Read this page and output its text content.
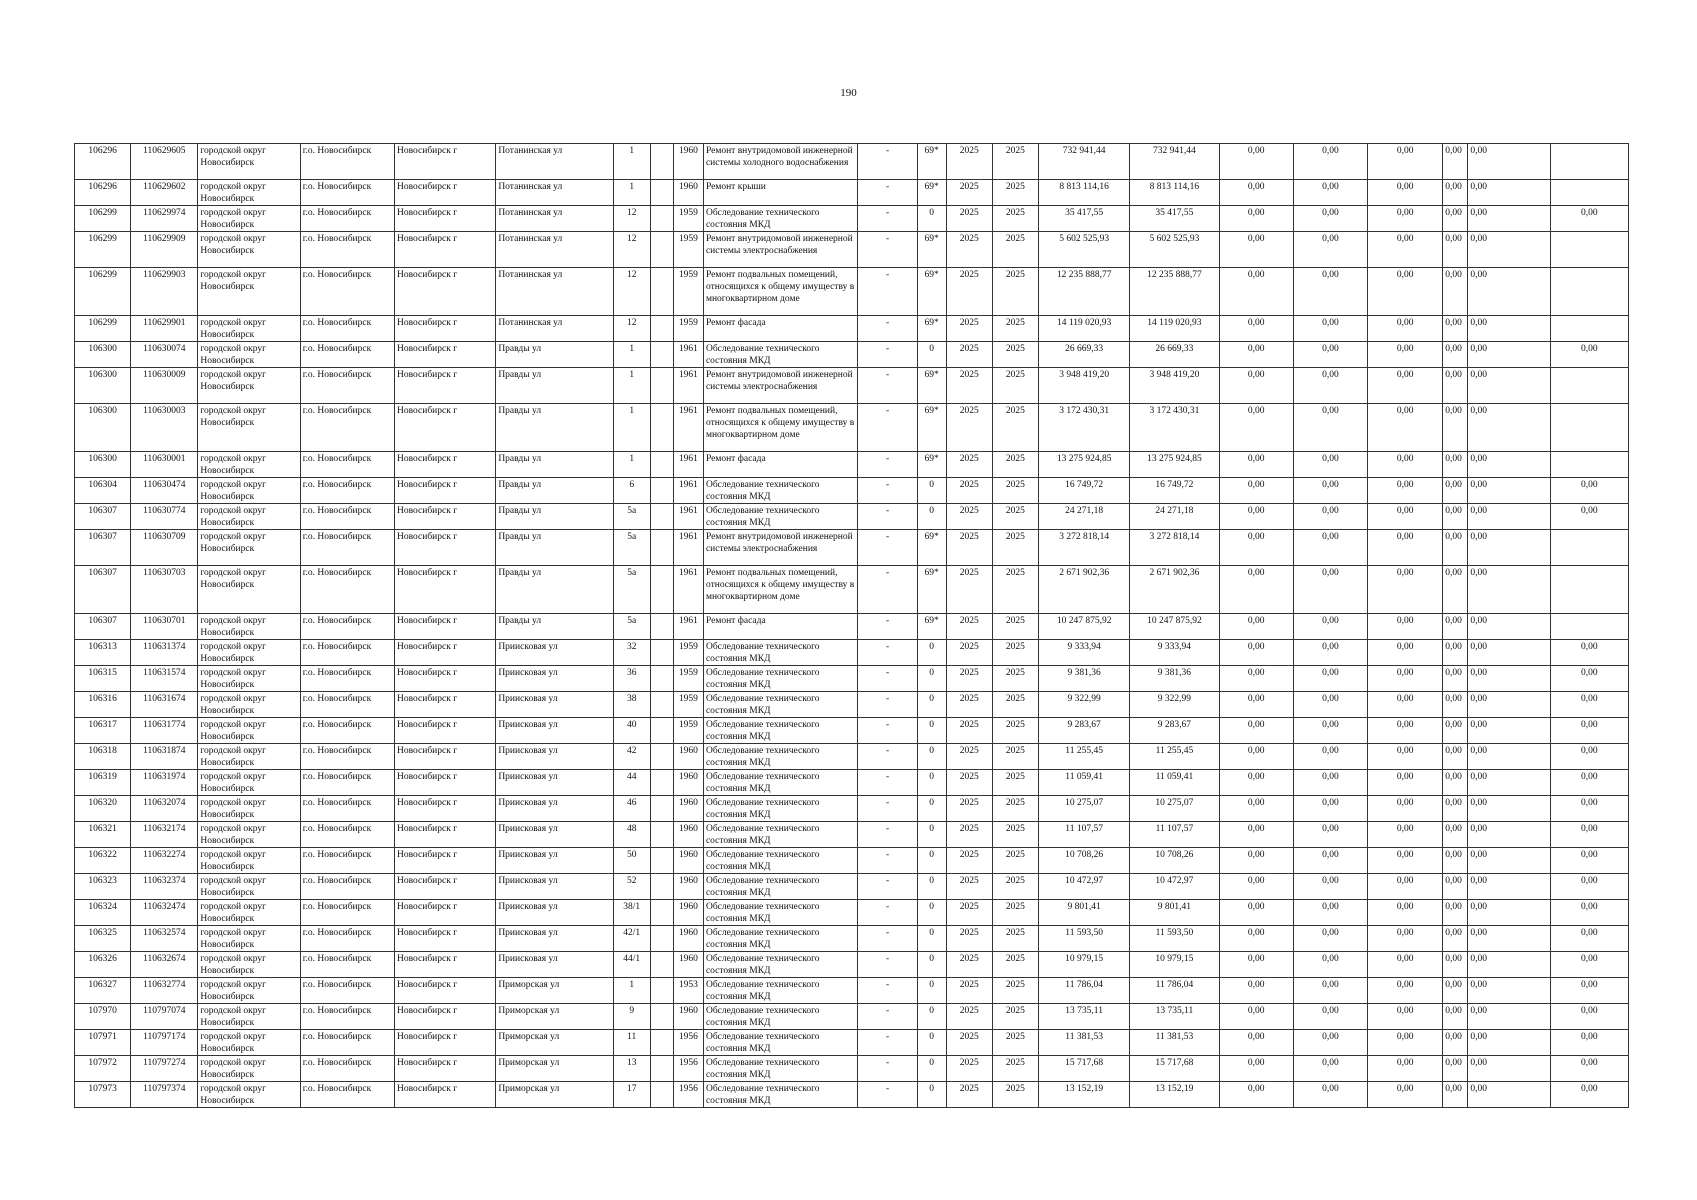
190
106296	110629605	городской округ Новосибирск	г.о. Новосибирск	Новосибирск г	Потанинская ул	1		1960	Ремонт внутридомовой инженерной системы холодного водоснабжения	-	69*	2025	2025	732 941,44	732 941,44	0,00	0,00	0,00	0,00	0,00	
106296	110629602	городской округ Новосибирск	г.о. Новосибирск	Новосибирск г	Потанинская ул	1		1960	Ремонт крыши	-	69*	2025	2025	8 813 114,16	8 813 114,16	0,00	0,00	0,00	0,00	0,00	
106299	110629974	городской округ Новосибирск	г.о. Новосибирск	Новосибирск г	Потанинская ул	12		1959	Обследование технического состояния МКД	-	0	2025	2025	35 417,55	35 417,55	0,00	0,00	0,00	0,00	0,00	0,00
106299	110629909	городской округ Новосибирск	г.о. Новосибирск	Новосибирск г	Потанинская ул	12		1959	Ремонт внутридомовой инженерной системы электроснабжения	-	69*	2025	2025	5 602 525,93	5 602 525,93	0,00	0,00	0,00	0,00	0,00	
106299	110629903	городской округ Новосибирск	г.о. Новосибирск	Новосибирск г	Потанинская ул	12		1959	Ремонт подвальных помещений, относящихся к общему имуществу в многоквартирном доме	-	69*	2025	2025	12 235 888,77	12 235 888,77	0,00	0,00	0,00	0,00	0,00	
106299	110629901	городской округ Новосибирск	г.о. Новосибирск	Новосибирск г	Потанинская ул	12		1959	Ремонт фасада	-	69*	2025	2025	14 119 020,93	14 119 020,93	0,00	0,00	0,00	0,00	0,00	
106300	110630074	городской округ Новосибирск	г.о. Новосибирск	Новосибирск г	Правды ул	1		1961	Обследование технического состояния МКД	-	0	2025	2025	26 669,33	26 669,33	0,00	0,00	0,00	0,00	0,00	0,00
106300	110630009	городской округ Новосибирск	г.о. Новосибирск	Новосибирск г	Правды ул	1		1961	Ремонт внутридомовой инженерной системы электроснабжения	-	69*	2025	2025	3 948 419,20	3 948 419,20	0,00	0,00	0,00	0,00	0,00	
106300	110630003	городской округ Новосибирск	г.о. Новосибирск	Новосибирск г	Правды ул	1		1961	Ремонт подвальных помещений, относящихся к общему имуществу в многоквартирном доме	-	69*	2025	2025	3 172 430,31	3 172 430,31	0,00	0,00	0,00	0,00	0,00	
106300	110630001	городской округ Новосибирск	г.о. Новосибирск	Новосибирск г	Правды ул	1		1961	Ремонт фасада	-	69*	2025	2025	13 275 924,85	13 275 924,85	0,00	0,00	0,00	0,00	0,00	
106304	110630474	городской округ Новосибирск	г.о. Новосибирск	Новосибирск г	Правды ул	6		1961	Обследование технического состояния МКД	-	0	2025	2025	16 749,72	16 749,72	0,00	0,00	0,00	0,00	0,00	0,00
106307	110630774	городской округ Новосибирск	г.о. Новосибирск	Новосибирск г	Правды ул	5а		1961	Обследование технического состояния МКД	-	0	2025	2025	24 271,18	24 271,18	0,00	0,00	0,00	0,00	0,00	0,00
106307	110630709	городской округ Новосибирск	г.о. Новосибирск	Новосибирск г	Правды ул	5а		1961	Ремонт внутридомовой инженерной системы электроснабжения	-	69*	2025	2025	3 272 818,14	3 272 818,14	0,00	0,00	0,00	0,00	0,00	
106307	110630703	городской округ Новосибирск	г.о. Новосибирск	Новосибирск г	Правды ул	5а		1961	Ремонт подвальных помещений, относящихся к общему имуществу в многоквартирном доме	-	69*	2025	2025	2 671 902,36	2 671 902,36	0,00	0,00	0,00	0,00	0,00	
106307	110630701	городской округ Новосибирск	г.о. Новосибирск	Новосибирск г	Правды ул	5а		1961	Ремонт фасада	-	69*	2025	2025	10 247 875,92	10 247 875,92	0,00	0,00	0,00	0,00	0,00	
106313	110631374	городской округ Новосибирск	г.о. Новосибирск	Новосибирск г	Приисковая ул	32		1959	Обследование технического состояния МКД	-	0	2025	2025	9 333,94	9 333,94	0,00	0,00	0,00	0,00	0,00	0,00
106315	110631574	городской округ Новосибирск	г.о. Новосибирск	Новосибирск г	Приисковая ул	36		1959	Обследование технического состояния МКД	-	0	2025	2025	9 381,36	9 381,36	0,00	0,00	0,00	0,00	0,00	0,00
106316	110631674	городской округ Новосибирск	г.о. Новосибирск	Новосибирск г	Приисковая ул	38		1959	Обследование технического состояния МКД	-	0	2025	2025	9 322,99	9 322,99	0,00	0,00	0,00	0,00	0,00	0,00
106317	110631774	городской округ Новосибирск	г.о. Новосибирск	Новосибирск г	Приисковая ул	40		1959	Обследование технического состояния МКД	-	0	2025	2025	9 283,67	9 283,67	0,00	0,00	0,00	0,00	0,00	0,00
106318	110631874	городской округ Новосибирск	г.о. Новосибирск	Новосибирск г	Приисковая ул	42		1960	Обследование технического состояния МКД	-	0	2025	2025	11 255,45	11 255,45	0,00	0,00	0,00	0,00	0,00	0,00
106319	110631974	городской округ Новосибирск	г.о. Новосибирск	Новосибирск г	Приисковая ул	44		1960	Обследование технического состояния МКД	-	0	2025	2025	11 059,41	11 059,41	0,00	0,00	0,00	0,00	0,00	0,00
106320	110632074	городской округ Новосибирск	г.о. Новосибирск	Новосибирск г	Приисковая ул	46		1960	Обследование технического состояния МКД	-	0	2025	2025	10 275,07	10 275,07	0,00	0,00	0,00	0,00	0,00	0,00
106321	110632174	городской округ Новосибирск	г.о. Новосибирск	Новосибирск г	Приисковая ул	48		1960	Обследование технического состояния МКД	-	0	2025	2025	11 107,57	11 107,57	0,00	0,00	0,00	0,00	0,00	0,00
106322	110632274	городской округ Новосибирск	г.о. Новосибирск	Новосибирск г	Приисковая ул	50		1960	Обследование технического состояния МКД	-	0	2025	2025	10 708,26	10 708,26	0,00	0,00	0,00	0,00	0,00	0,00
106323	110632374	городской округ Новосибирск	г.о. Новосибирск	Новосибирск г	Приисковая ул	52		1960	Обследование технического состояния МКД	-	0	2025	2025	10 472,97	10 472,97	0,00	0,00	0,00	0,00	0,00	0,00
106324	110632474	городской округ Новосибирск	г.о. Новосибирск	Новосибирск г	Приисковая ул	38/1		1960	Обследование технического состояния МКД	-	0	2025	2025	9 801,41	9 801,41	0,00	0,00	0,00	0,00	0,00	0,00
106325	110632574	городской округ Новосибирск	г.о. Новосибирск	Новосибирск г	Приисковая ул	42/1		1960	Обследование технического состояния МКД	-	0	2025	2025	11 593,50	11 593,50	0,00	0,00	0,00	0,00	0,00	0,00
106326	110632674	городской округ Новосибирск	г.о. Новосибирск	Новосибирск г	Приисковая ул	44/1		1960	Обследование технического состояния МКД	-	0	2025	2025	10 979,15	10 979,15	0,00	0,00	0,00	0,00	0,00	0,00
106327	110632774	городской округ Новосибирск	г.о. Новосибирск	Новосибирск г	Приморская ул	1		1953	Обследование технического состояния МКД	-	0	2025	2025	11 786,04	11 786,04	0,00	0,00	0,00	0,00	0,00	0,00
107970	110797074	городской округ Новосибирск	г.о. Новосибирск	Новосибирск г	Приморская ул	9		1960	Обследование технического состояния МКД	-	0	2025	2025	13 735,11	13 735,11	0,00	0,00	0,00	0,00	0,00	0,00
107971	110797174	городской округ Новосибирск	г.о. Новосибирск	Новосибирск г	Приморская ул	11		1956	Обследование технического состояния МКД	-	0	2025	2025	11 381,53	11 381,53	0,00	0,00	0,00	0,00	0,00	0,00
107972	110797274	городской округ Новосибирск	г.о. Новосибирск	Новосибирск г	Приморская ул	13		1956	Обследование технического состояния МКД	-	0	2025	2025	15 717,68	15 717,68	0,00	0,00	0,00	0,00	0,00	0,00
107973	110797374	городской округ Новосибирск	г.о. Новосибирск	Новосибирск г	Приморская ул	17		1956	Обследование технического состояния МКД	-	0	2025	2025	13 152,19	13 152,19	0,00	0,00	0,00	0,00	0,00	0,00
